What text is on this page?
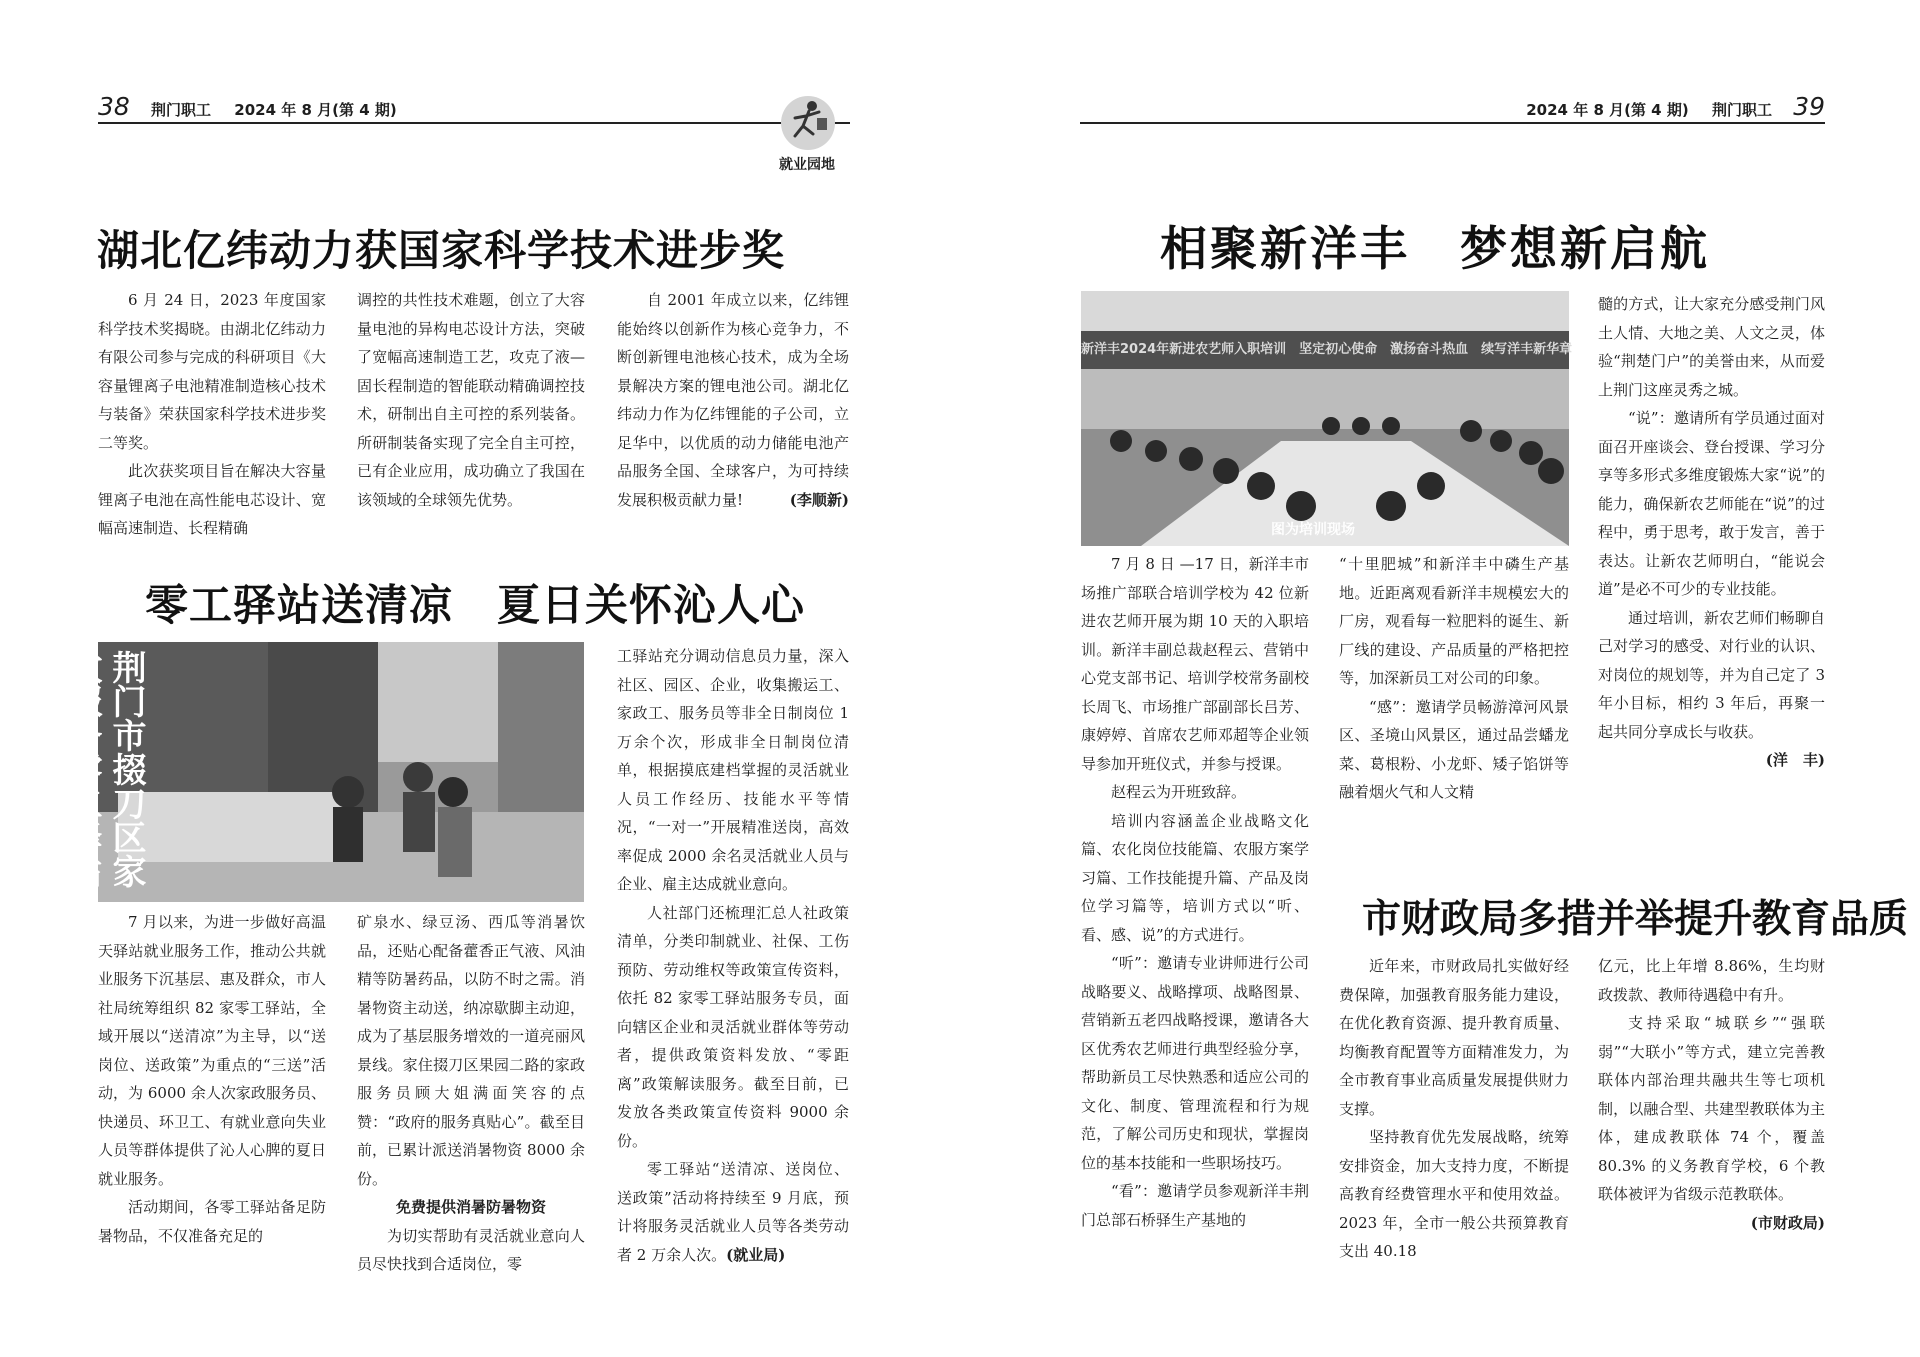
38 荆门职工 2024 年 8 月(第 4 期)
就业园地
湖北亿纬动力获国家科学技术进步奖

6 月 24 日，2023 年度国家科学技术奖揭晓。由湖北亿纬动力有限公司参与完成的科研项目《大容量锂离子电池精准制造核心技术与装备》荣获国家科学技术进步奖二等奖。

此次获奖项目旨在解决大容量锂离子电池在高性能电芯设计、宽幅高速制造、长程精确

调控的共性技术难题，创立了大容量电池的异构电芯设计方法，突破了宽幅高速制造工艺，攻克了液—固长程制造的智能联动精确调控技术，研制出自主可控的系列装备。所研制装备实现了完全自主可控，已有企业应用，成功确立了我国在该领域的全球领先优势。

自 2001 年成立以来，亿纬锂能始终以创新作为核心竞争力，不断创新锂电池核心技术，成为全场景解决方案的锂电池公司。湖北亿纬动力作为亿纬锂能的子公司，立足华中，以优质的动力储能电池产品服务全国、全球客户，为可持续发展积极贡献力量!	(李顺新)

零工驿站送清凉　夏日关怀沁人心
荆门市掇刀区家政服务零工驿站

7 月以来，为进一步做好高温天驿站就业服务工作，推动公共就业服务下沉基层、惠及群众，市人社局统筹组织 82 家零工驿站，全域开展以“送清凉”为主导，以“送岗位、送政策”为重点的“三送”活动，为 6000 余人次家政服务员、快递员、环卫工、有就业意向失业人员等群体提供了沁人心脾的夏日就业服务。

活动期间，各零工驿站备足防暑物品，不仅准备充足的

矿泉水、绿豆汤、西瓜等消暑饮品，还贴心配备藿香正气液、风油精等防暑药品，以防不时之需。消暑物资主动送，纳凉歇脚主动迎，成为了基层服务增效的一道亮丽风景线。家住掇刀区果园二路的家政服务员顾大姐满面笑容的点赞：“政府的服务真贴心”。截至目前，已累计派送消暑物资 8000 余份。

免费提供消暑防暑物资

为切实帮助有灵活就业意向人员尽快找到合适岗位，零

工驿站充分调动信息员力量，深入社区、园区、企业，收集搬运工、家政工、服务员等非全日制岗位 1 万余个次，形成非全日制岗位清单，根据摸底建档掌握的灵活就业人员工作经历、技能水平等情况，“一对一”开展精准送岗，高效率促成 2000 余名灵活就业人员与企业、雇主达成就业意向。

人社部门还梳理汇总人社政策清单，分类印制就业、社保、工伤预防、劳动维权等政策宣传资料，依托 82 家零工驿站服务专员，面向辖区企业和灵活就业群体等劳动者，提供政策资料发放、“零距离”政策解读服务。截至目前，已发放各类政策宣传资料 9000 余份。

零工驿站“送清凉、送岗位、送政策”活动将持续至 9 月底，预计将服务灵活就业人员等各类劳动者 2 万余人次。(就业局)

2024 年 8 月(第 4 期) 荆门职工 39
相聚新洋丰　梦想新启航
新洋丰2024年新进农艺师入职培训　坚定初心使命　激扬奋斗热血　续写洋丰新华章
图为培训现场

7 月 8 日 —17 日，新洋丰市场推广部联合培训学校为 42 位新进农艺师开展为期 10 天的入职培训。新洋丰副总裁赵程云、营销中心党支部书记、培训学校常务副校长周飞、市场推广部副部长吕芳、康婷婷、首席农艺师邓超等企业领导参加开班仪式，并参与授课。

赵程云为开班致辞。

培训内容涵盖企业战略文化篇、农化岗位技能篇、农服方案学习篇、工作技能提升篇、产品及岗位学习篇等，培训方式以“听、看、感、说”的方式进行。

“听”：邀请专业讲师进行公司战略要义、战略撑项、战略图景、营销新五老四战略授课，邀请各大区优秀农艺师进行典型经验分享，帮助新员工尽快熟悉和适应公司的文化、制度、管理流程和行为规范，了解公司历史和现状，掌握岗位的基本技能和一些职场技巧。

“看”：邀请学员参观新洋丰荆门总部石桥驿生产基地的

“十里肥城”和新洋丰中磷生产基地。近距离观看新洋丰规模宏大的厂房，观看每一粒肥料的诞生、新厂线的建设、产品质量的严格把控等，加深新员工对公司的印象。

“感”：邀请学员畅游漳河风景区、圣境山风景区，通过品尝蟠龙菜、葛根粉、小龙虾、矮子馅饼等融着烟火气和人文精

髓的方式，让大家充分感受荆门风土人情、大地之美、人文之灵，体验“荆楚门户”的美誉由来，从而爱上荆门这座灵秀之城。

“说”：邀请所有学员通过面对面召开座谈会、登台授课、学习分享等多形式多维度锻炼大家“说”的能力，确保新农艺师能在“说”的过程中，勇于思考，敢于发言，善于表达。让新农艺师明白，“能说会道”是必不可少的专业技能。

通过培训，新农艺师们畅聊自己对学习的感受、对行业的认识、对岗位的规划等，并为自己定了 3 年小目标，相约 3 年后，再聚一起共同分享成长与收获。

(洋　丰)

市财政局多措并举提升教育品质

近年来，市财政局扎实做好经费保障，加强教育服务能力建设，在优化教育资源、提升教育质量、均衡教育配置等方面精准发力，为全市教育事业高质量发展提供财力支撑。

坚持教育优先发展战略，统筹安排资金，加大支持力度，不断提高教育经费管理水平和使用效益。2023 年，全市一般公共预算教育支出 40.18

亿元，比上年增 8.86%，生均财政拨款、教师待遇稳中有升。

支持采取“城联乡”“强联弱”“大联小”等方式，建立完善教联体内部治理共融共生等七项机制，以融合型、共建型教联体为主体，建成教联体 74 个，覆盖 80.3% 的义务教育学校，6 个教联体被评为省级示范教联体。

(市财政局)
